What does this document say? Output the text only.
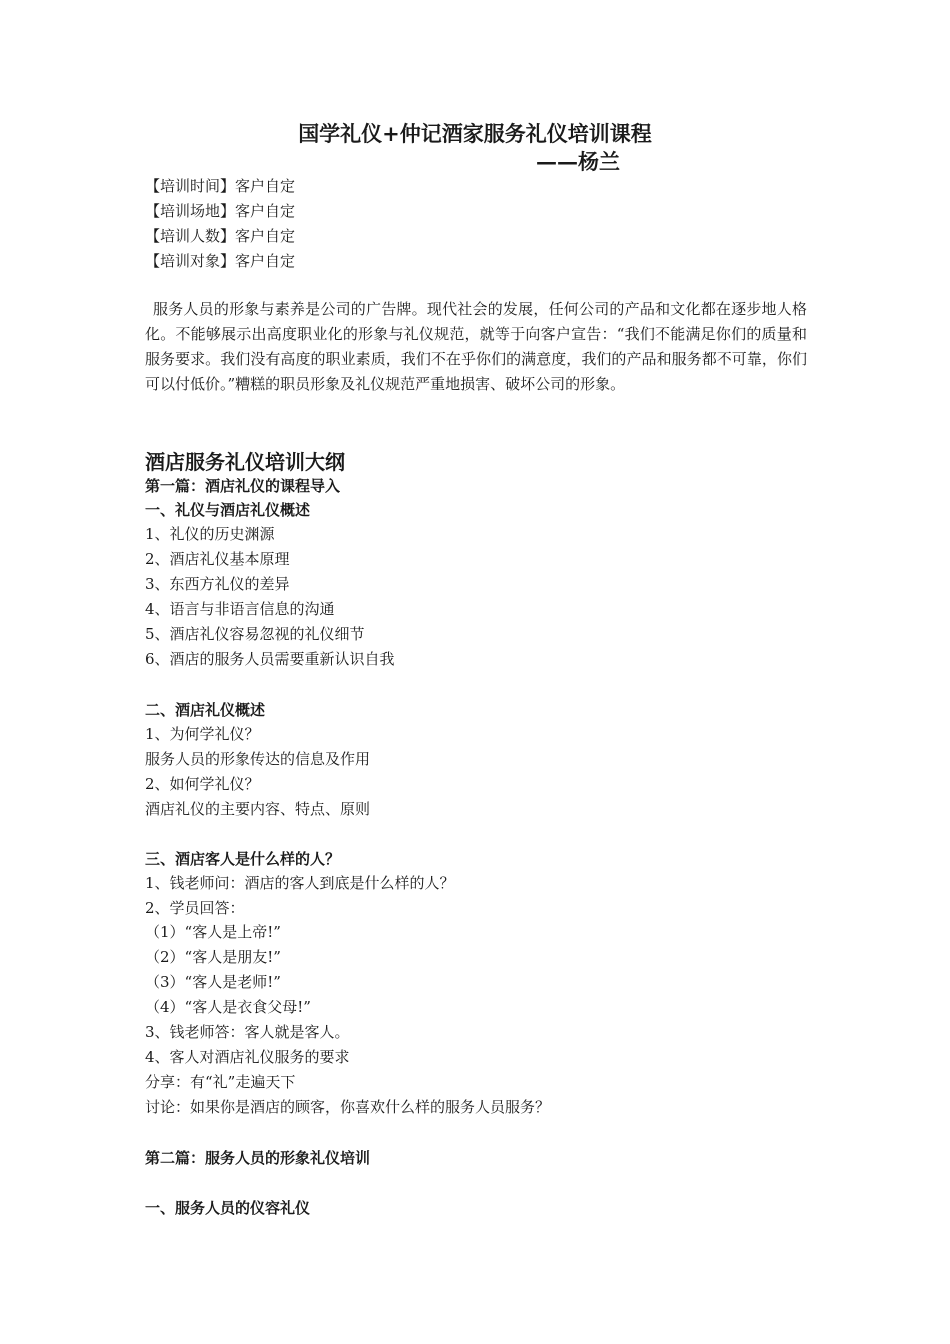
国学礼仪+仲记酒家服务礼仪培训课程
——杨兰
【培训时间】客户自定
【培训场地】客户自定
【培训人数】客户自定
【培训对象】客户自定

服务人员的形象与素养是公司的广告牌。现代社会的发展，任何公司的产品和文化都在逐步地人格化。不能够展示出高度职业化的形象与礼仪规范，就等于向客户宣告：“我们不能满足你们的质量和服务要求。我们没有高度的职业素质，我们不在乎你们的满意度，我们的产品和服务都不可靠，你们可以付低价。”糟糕的职员形象及礼仪规范严重地损害、破坏公司的形象。

酒店服务礼仪培训大纲
第一篇：酒店礼仪的课程导入
一、礼仪与酒店礼仪概述
1、礼仪的历史渊源
2、酒店礼仪基本原理
3、东西方礼仪的差异
4、语言与非语言信息的沟通
5、酒店礼仪容易忽视的礼仪细节
6、酒店的服务人员需要重新认识自我
二、酒店礼仪概述
1、为何学礼仪？
服务人员的形象传达的信息及作用
2、如何学礼仪？
酒店礼仪的主要内容、特点、原则
三、酒店客人是什么样的人？
1、钱老师问：酒店的客人到底是什么样的人？
2、学员回答：
（1）“客人是上帝!”
（2）“客人是朋友!”
（3）“客人是老师!”
（4）“客人是衣食父母!”
3、钱老师答：客人就是客人。
4、客人对酒店礼仪服务的要求
分享：有“礼”走遍天下
讨论：如果你是酒店的顾客，你喜欢什么样的服务人员服务？
第二篇：服务人员的形象礼仪培训
一、服务人员的仪容礼仪
